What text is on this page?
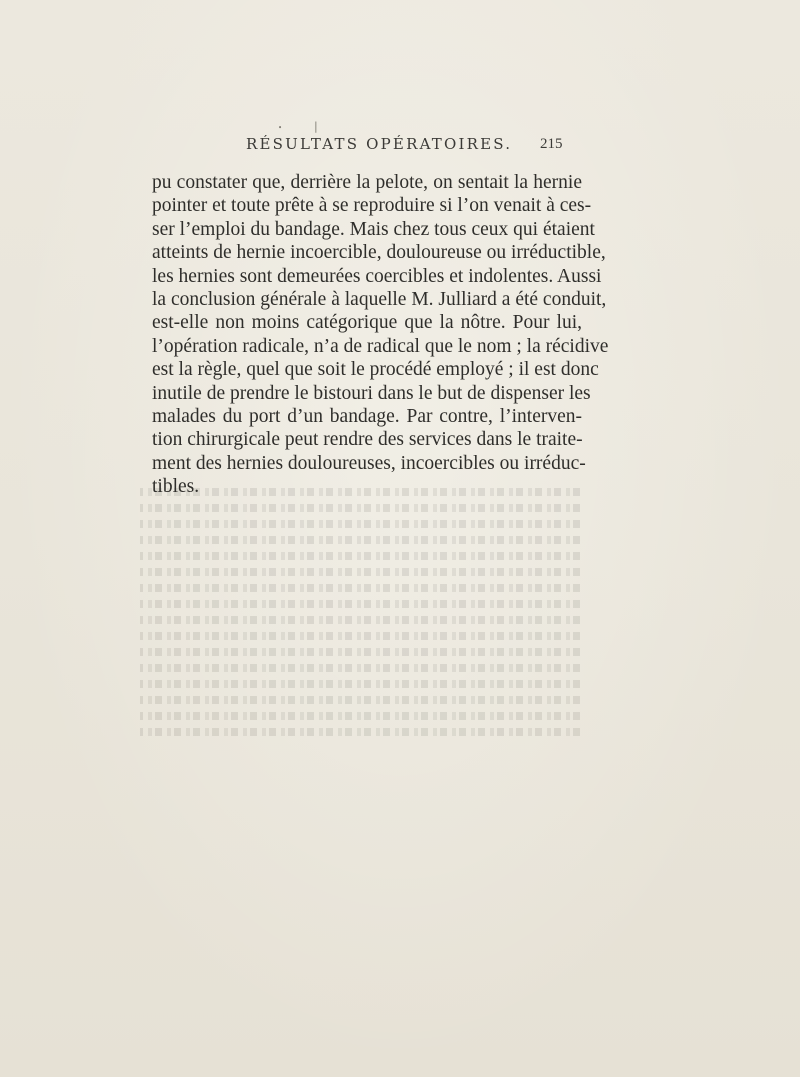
|
•
RÉSULTATS OPÉRATOIRES. 215
pu constater que, derrière la pelote, on sentait la hernie
pointer et toute prête à se reproduire si l’on venait à ces-
ser l’emploi du bandage. Mais chez tous ceux qui étaient
atteints de hernie incoercible, douloureuse ou irréductible,
les hernies sont demeurées coercibles et indolentes. Aussi
la conclusion générale à laquelle M. Julliard a été conduit,
est-elle non moins catégorique que la nôtre. Pour lui,
l’opération radicale, n’a de radical que le nom ; la récidive
est la règle, quel que soit le procédé employé ; il est donc
inutile de prendre le bistouri dans le but de dispenser les
malades du port d’un bandage. Par contre, l’interven-
tion chirurgicale peut rendre des services dans le traite-
ment des hernies douloureuses, incoercibles ou irréduc-
tibles.
